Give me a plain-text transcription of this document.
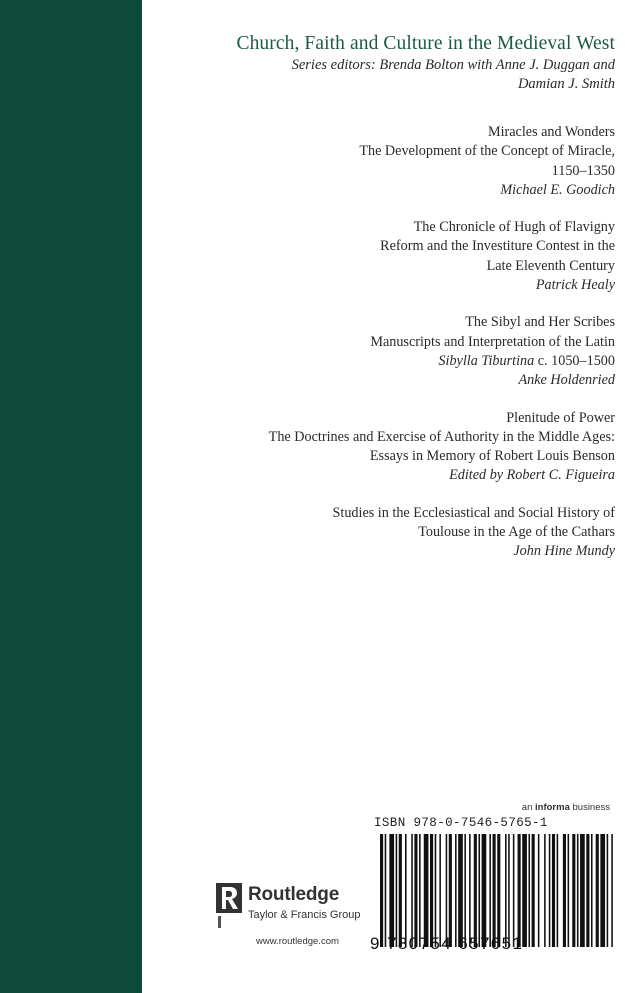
Church, Faith and Culture in the Medieval West
Series editors: Brenda Bolton with Anne J. Duggan and
Damian J. Smith
Miracles and Wonders
The Development of the Concept of Miracle,
1150–1350
Michael E. Goodich
The Chronicle of Hugh of Flavigny
Reform and the Investiture Contest in the
Late Eleventh Century
Patrick Healy
The Sibyl and Her Scribes
Manuscripts and Interpretation of the Latin
Sibylla Tiburtina c. 1050–1500
Anke Holdenried
Plenitude of Power
The Doctrines and Exercise of Authority in the Middle Ages:
Essays in Memory of Robert Louis Benson
Edited by Robert C. Figueira
Studies in the Ecclesiastical and Social History of
Toulouse in the Age of the Cathars
John Hine Mundy
Routledge
Taylor & Francis Group
www.routledge.com
an informa business
ISBN 978-0-7546-5765-1
9 780754 657651
